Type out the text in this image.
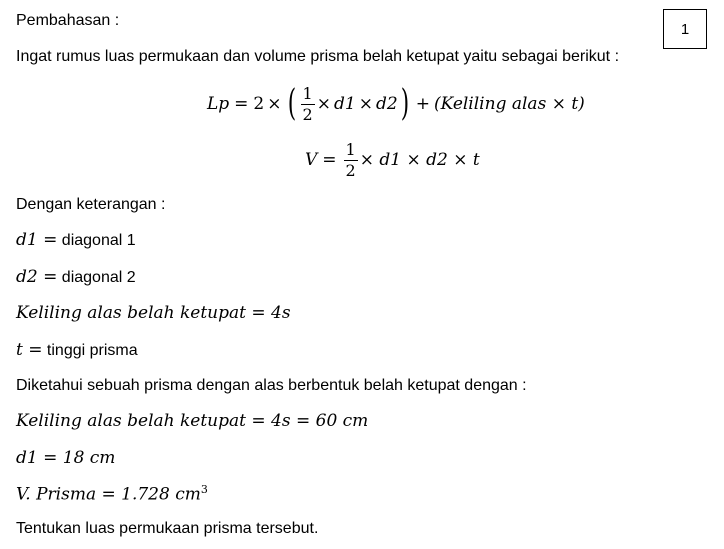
1
Pembahasan :
Ingat rumus luas permukaan dan volume prisma belah ketupat yaitu sebagai berikut :
Lp = 2 × ( $\frac{1}{2} \times d1 \times d2$ ) + (Keliling alas × t)
$V = \frac{1}{2} \times d1 \times d2 \times t$
Dengan keterangan :
d1 = diagonal 1
d2 = diagonal 2
Keliling alas belah ketupat = 4s
t = tinggi prisma
Diketahui sebuah prisma dengan alas berbentuk belah ketupat dengan :
Keliling alas belah ketupat = 4s = 60 cm
d1 = 18 cm
V. Prisma = 1.728 $cm^3$
Tentukan luas permukaan prisma tersebut.
